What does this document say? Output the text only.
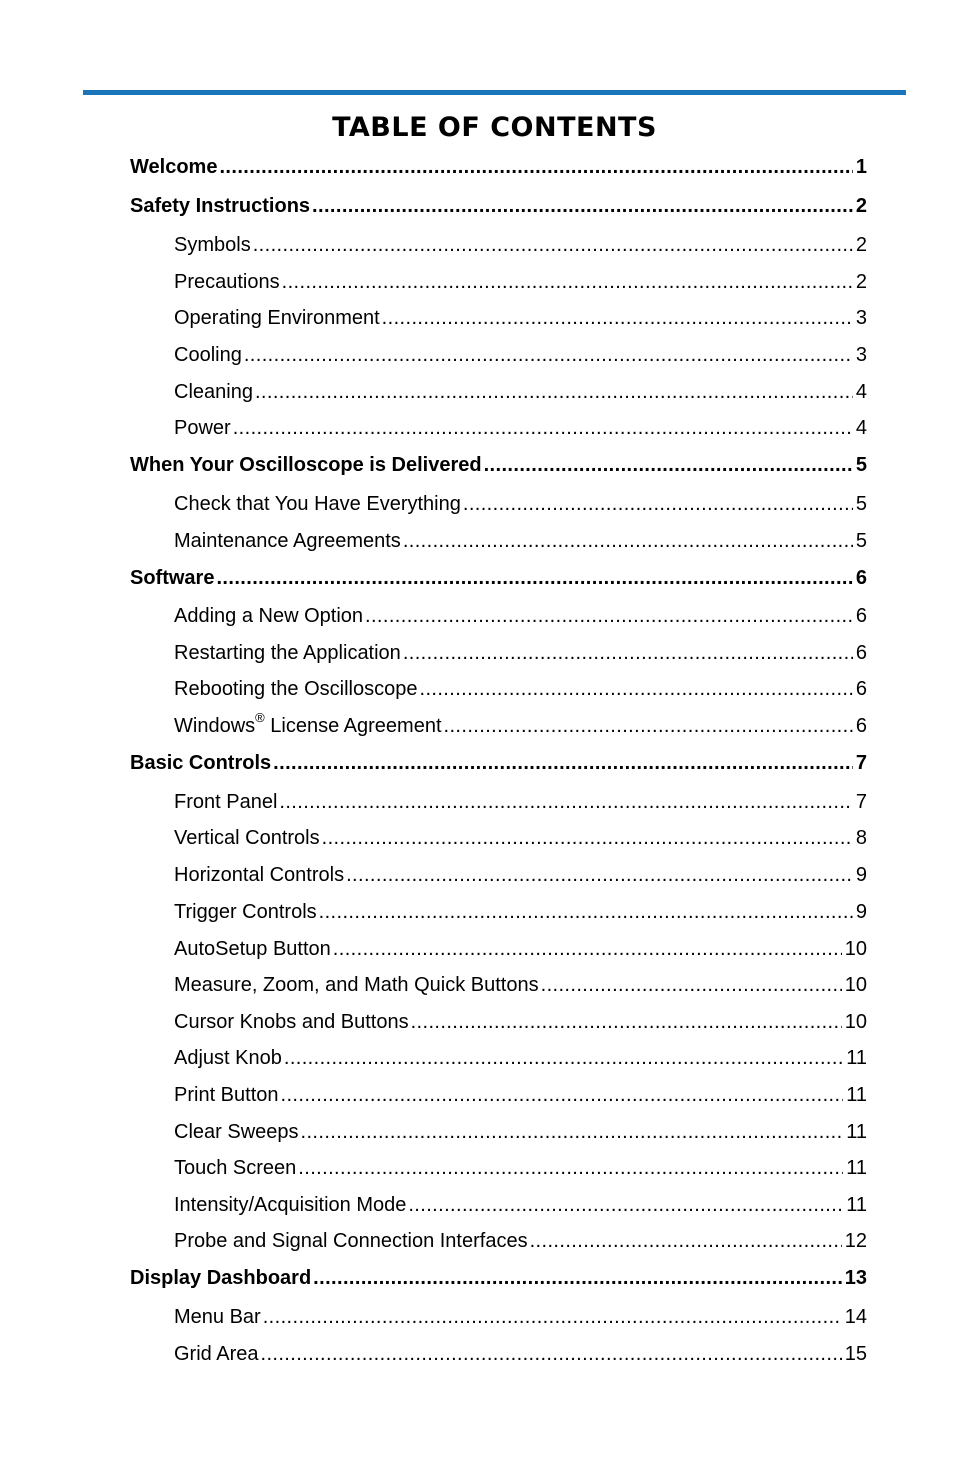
TABLE OF CONTENTS
Welcome .....	1
Safety Instructions .....	2
Symbols .....	2
Precautions .....	2
Operating Environment .....	3
Cooling .....	3
Cleaning .....	4
Power .....	4
When Your Oscilloscope is Delivered .....	5
Check that You Have Everything .....	5
Maintenance Agreements .....	5
Software .....	6
Adding a New Option .....	6
Restarting the Application .....	6
Rebooting the Oscilloscope .....	6
Windows® License Agreement .....	6
Basic Controls .....	7
Front Panel .....	7
Vertical Controls .....	8
Horizontal Controls .....	9
Trigger Controls .....	9
AutoSetup Button .....	10
Measure, Zoom, and Math Quick Buttons .....	10
Cursor Knobs and Buttons .....	10
Adjust Knob .....	11
Print Button .....	11
Clear Sweeps .....	11
Touch Screen .....	11
Intensity/Acquisition Mode .....	11
Probe and Signal Connection Interfaces .....	12
Display Dashboard .....	13
Menu Bar .....	14
Grid Area .....	15
